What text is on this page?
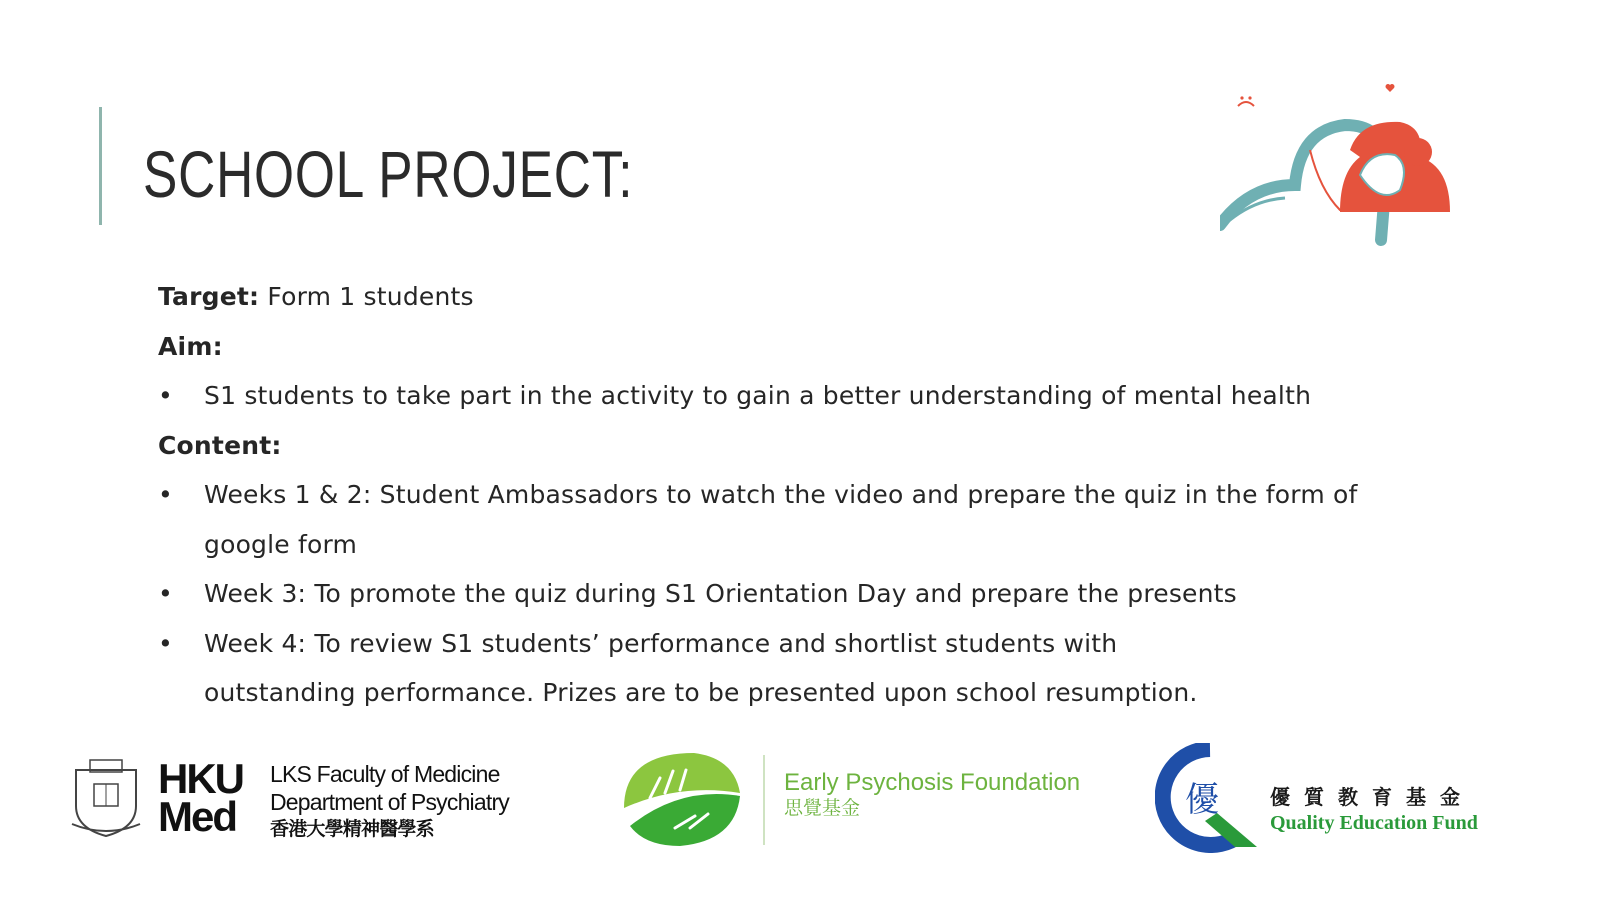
SCHOOL PROJECT:
Target: Form 1 students
Aim:
• S1 students to take part in the activity to gain a better understanding of mental health
Content:
• Weeks 1 & 2: Student Ambassadors to watch the video and prepare the quiz in the form of google form
• Week 3: To promote the quiz during S1 Orientation Day and prepare the presents
• Week 4: To review S1 students’ performance and shortlist students with outstanding performance. Prizes are to be presented upon school resumption.
HKU
Med
LKS Faculty of Medicine
Department of Psychiatry
香港大學精神醫學系
Early Psychosis Foundation
思覺基金	優	優質教育基金
Quality Education Fund
